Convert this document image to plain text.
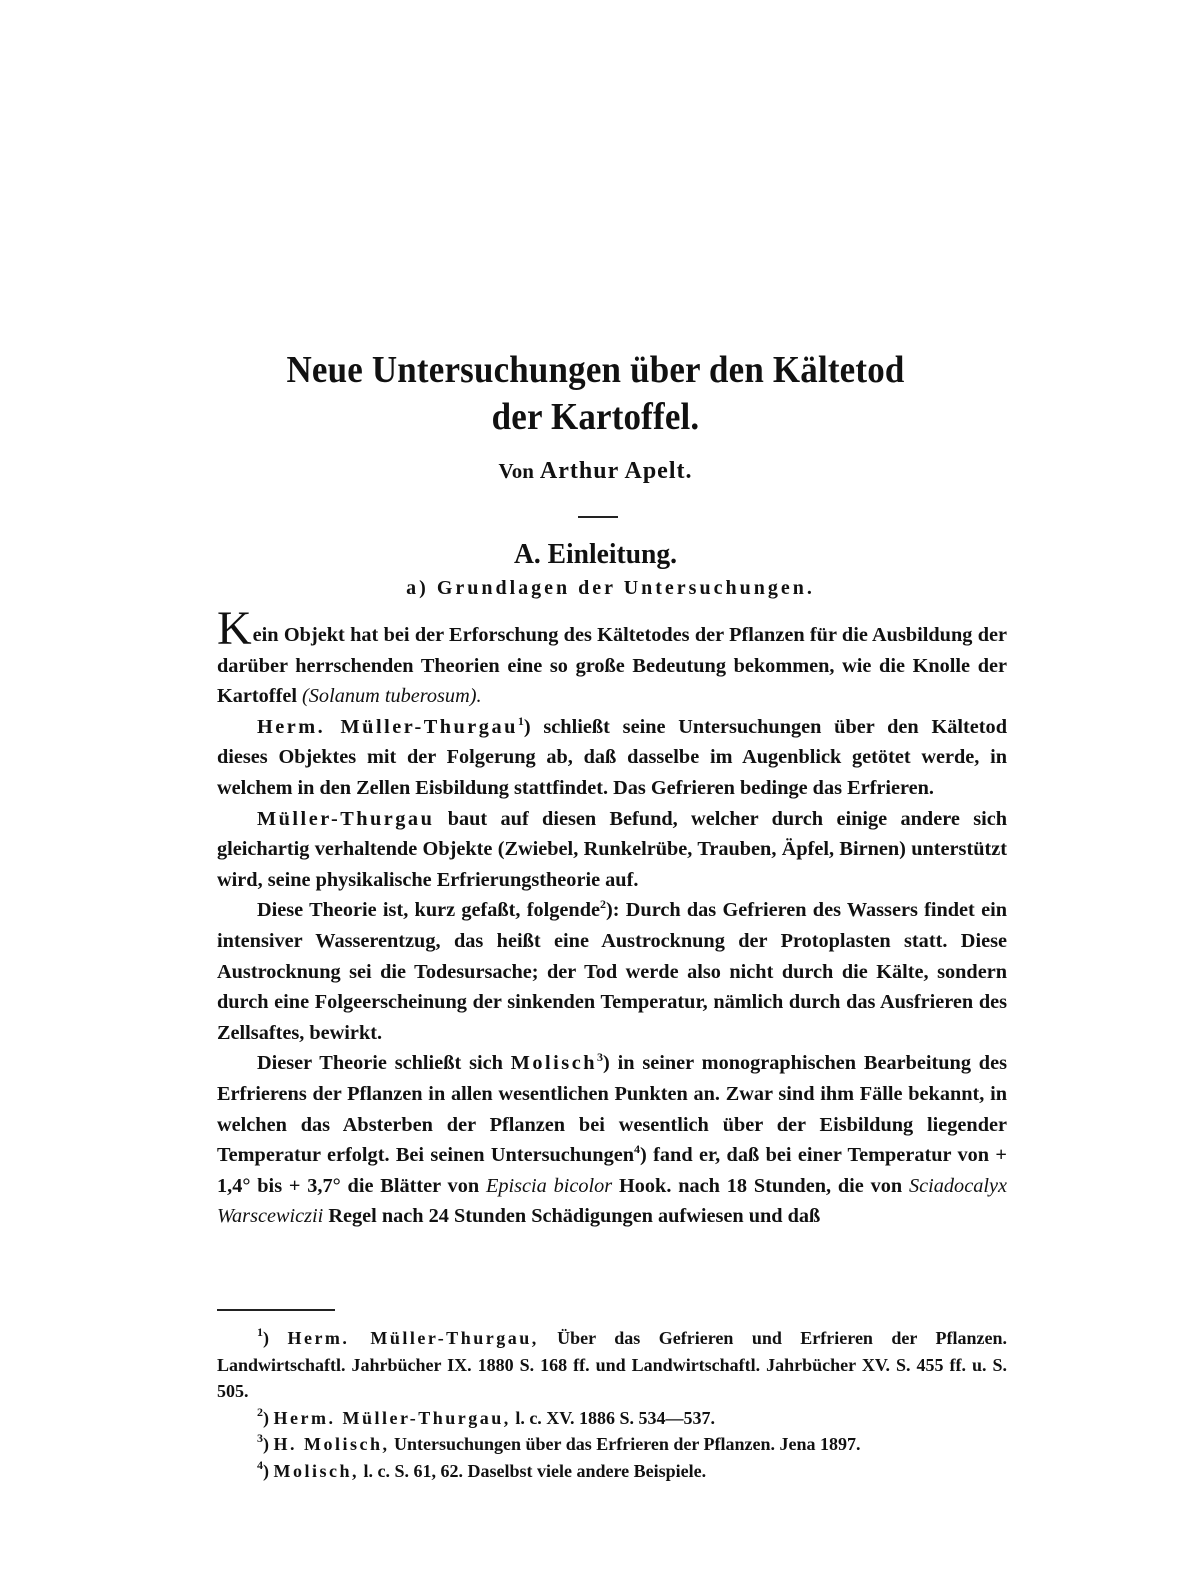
Neue Untersuchungen über den Kältetod
der Kartoffel.
Von Arthur Apelt.
A. Einleitung.
a) Grundlagen der Untersuchungen.

Kein Objekt hat bei der Erforschung des Kältetodes der Pflanzen für die Ausbildung der darüber herrschenden Theorien eine so große Bedeutung bekommen, wie die Knolle der Kartoffel (Solanum tuberosum).

Herm. Müller-Thurgau$^1$) schließt seine Untersuchungen über den Kältetod dieses Objektes mit der Folgerung ab, daß dasselbe im Augenblick getötet werde, in welchem in den Zellen Eisbildung stattfindet. Das Gefrieren bedinge das Erfrieren.

Müller-Thurgau baut auf diesen Befund, welcher durch einige andere sich gleichartig verhaltende Objekte (Zwiebel, Runkelrübe, Trauben, Äpfel, Birnen) unterstützt wird, seine physikalische Erfrierungstheorie auf.

Diese Theorie ist, kurz gefaßt, folgende$^2$): Durch das Gefrieren des Wassers findet ein intensiver Wasserentzug, das heißt eine Austrocknung der Protoplasten statt. Diese Austrocknung sei die Todesursache; der Tod werde also nicht durch die Kälte, sondern durch eine Folgeerscheinung der sinkenden Temperatur, nämlich durch das Ausfrieren des Zellsaftes, bewirkt.

Dieser Theorie schließt sich Molisch$^3$) in seiner monographischen Bearbeitung des Erfrierens der Pflanzen in allen wesentlichen Punkten an. Zwar sind ihm Fälle bekannt, in welchen das Absterben der Pflanzen bei wesentlich über der Eisbildung liegender Temperatur erfolgt. Bei seinen Untersuchungen$^4$) fand er, daß bei einer Temperatur von + 1,4° bis + 3,7° die Blätter von Episcia bicolor Hook. nach 18 Stunden, die von Sciadocalyx Warscewiczii Regel nach 24 Stunden Schädigungen aufwiesen und daß

$^1$) Herm. Müller-Thurgau, Über das Gefrieren und Erfrieren der Pflanzen. Landwirtschaftl. Jahrbücher IX. 1880 S. 168 ff. und Landwirtschaftl. Jahrbücher XV. S. 455 ff. u. S. 505.

$^2$) Herm. Müller-Thurgau, l. c. XV. 1886 S. 534—537.

$^3$) H. Molisch, Untersuchungen über das Erfrieren der Pflanzen. Jena 1897.

$^4$) Molisch, l. c. S. 61, 62. Daselbst viele andere Beispiele.
